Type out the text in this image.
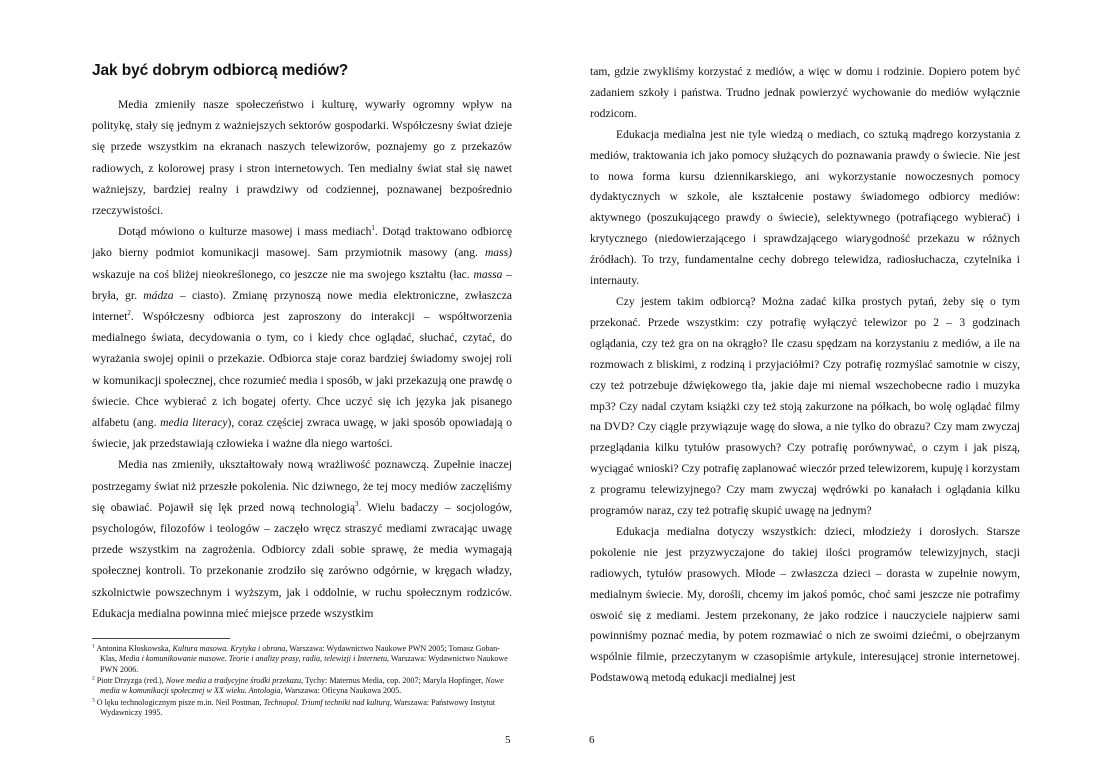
Jak być dobrym odbiorcą mediów?

Media zmieniły nasze społeczeństwo i kulturę, wywarły ogromny wpływ na politykę, stały się jednym z ważniejszych sektorów gospodarki. Współczesny świat dzieje się przede wszystkim na ekranach naszych telewizorów, poznajemy go z przekazów radiowych, z kolorowej prasy i stron internetowych. Ten medialny świat stał się nawet ważniejszy, bardziej realny i prawdziwy od codziennej, poznawanej bezpośrednio rzeczywistości.

Dotąd mówiono o kulturze masowej i mass mediach$^1$. Dotąd traktowano odbiorcę jako bierny podmiot komunikacji masowej. Sam przymiotnik masowy (ang. mass) wskazuje na coś bliżej nieokreślonego, co jeszcze nie ma swojego kształtu (łac. massa – bryła, gr. mádza – ciasto). Zmianę przynoszą nowe media elektroniczne, zwłaszcza internet$^2$. Współczesny odbiorca jest zaproszony do interakcji – współtworzenia medialnego świata, decydowania o tym, co i kiedy chce oglądać, słuchać, czytać, do wyrażania swojej opinii o przekazie. Odbiorca staje coraz bardziej świadomy swojej roli w komunikacji społecznej, chce rozumieć media i sposób, w jaki przekazują one prawdę o świecie. Chce wybierać z ich bogatej oferty. Chce uczyć się ich języka jak pisanego alfabetu (ang. media literacy), coraz częściej zwraca uwagę, w jaki sposób opowiadają o świecie, jak przedstawiają człowieka i ważne dla niego wartości.

Media nas zmieniły, ukształtowały nową wrażliwość poznawczą. Zupełnie inaczej postrzegamy świat niż przeszłe pokolenia. Nic dziwnego, że tej mocy mediów zaczęliśmy się obawiać. Pojawił się lęk przed nową technologią$^3$. Wielu badaczy – socjologów, psychologów, filozofów i teologów – zaczęło wręcz straszyć mediami zwracając uwagę przede wszystkim na zagrożenia. Odbiorcy zdali sobie sprawę, że media wymagają społecznej kontroli. To przekonanie zrodziło się zarówno odgórnie, w kręgach władzy, szkolnictwie powszechnym i wyższym, jak i oddolnie, w ruchu społecznym rodziców. Edukacja medialna powinna mieć miejsce przede wszystkim

$^1$ Antonina Kłoskowska, Kultura masowa. Krytyka i obrona, Warszawa: Wydawnictwo Naukowe PWN 2005; Tomasz Goban-Klas, Media i komunikowanie masowe. Teorie i analizy prasy, radia, telewizji i Internetu, Warszawa: Wydawnictwo Naukowe PWN 2006.
$^2$ Piotr Drzyzga (red.), Nowe media a tradycyjne środki przekazu, Tychy: Maternus Media, cop. 2007; Maryla Hopfinger, Nowe media w komunikacji społecznej w XX wieku. Antologia, Warszawa: Oficyna Naukowa 2005.
$^3$ O lęku technologicznym pisze m.in. Neil Postman, Technopol. Triumf techniki nad kulturą, Warszawa: Państwowy Instytut Wydawniczy 1995.
5

tam, gdzie zwykliśmy korzystać z mediów, a więc w domu i rodzinie. Dopiero potem być zadaniem szkoły i państwa. Trudno jednak powierzyć wychowanie do mediów wyłącznie rodzicom.

Edukacja medialna jest nie tyle wiedzą o mediach, co sztuką mądrego korzystania z mediów, traktowania ich jako pomocy służących do poznawania prawdy o świecie. Nie jest to nowa forma kursu dziennikarskiego, ani wykorzystanie nowoczesnych pomocy dydaktycznych w szkole, ale kształcenie postawy świadomego odbiorcy mediów: aktywnego (poszukującego prawdy o świecie), selektywnego (potrafiącego wybierać) i krytycznego (niedowierzającego i sprawdzającego wiarygodność przekazu w różnych źródłach). To trzy, fundamentalne cechy dobrego telewidza, radiosłuchacza, czytelnika i internauty.

Czy jestem takim odbiorcą? Można zadać kilka prostych pytań, żeby się o tym przekonać. Przede wszystkim: czy potrafię wyłączyć telewizor po 2 – 3 godzinach oglądania, czy też gra on na okrągło? Ile czasu spędzam na korzystaniu z mediów, a ile na rozmowach z bliskimi, z rodziną i przyjaciółmi? Czy potrafię rozmyślać samotnie w ciszy, czy też potrzebuje dźwiękowego tła, jakie daje mi niemal wszechobecne radio i muzyka mp3? Czy nadal czytam książki czy też stoją zakurzone na półkach, bo wolę oglądać filmy na DVD? Czy ciągle przywiązuje wagę do słowa, a nie tylko do obrazu? Czy mam zwyczaj przeglądania kilku tytułów prasowych? Czy potrafię porównywać, o czym i jak piszą, wyciągać wnioski? Czy potrafię zaplanować wieczór przed telewizorem, kupuję i korzystam z programu telewizyjnego? Czy mam zwyczaj wędrówki po kanałach i oglądania kilku programów naraz, czy też potrafię skupić uwagę na jednym?

Edukacja medialna dotyczy wszystkich: dzieci, młodzieży i dorosłych. Starsze pokolenie nie jest przyzwyczajone do takiej ilości programów telewizyjnych, stacji radiowych, tytułów prasowych. Młode – zwłaszcza dzieci – dorasta w zupełnie nowym, medialnym świecie. My, dorośli, chcemy im jakoś pomóc, choć sami jeszcze nie potrafimy oswoić się z mediami. Jestem przekonany, że jako rodzice i nauczyciele najpierw sami powinniśmy poznać media, by potem rozmawiać o nich ze swoimi dziećmi, o obejrzanym wspólnie filmie, przeczytanym w czasopiśmie artykule, interesującej stronie internetowej. Podstawową metodą edukacji medialnej jest

6
